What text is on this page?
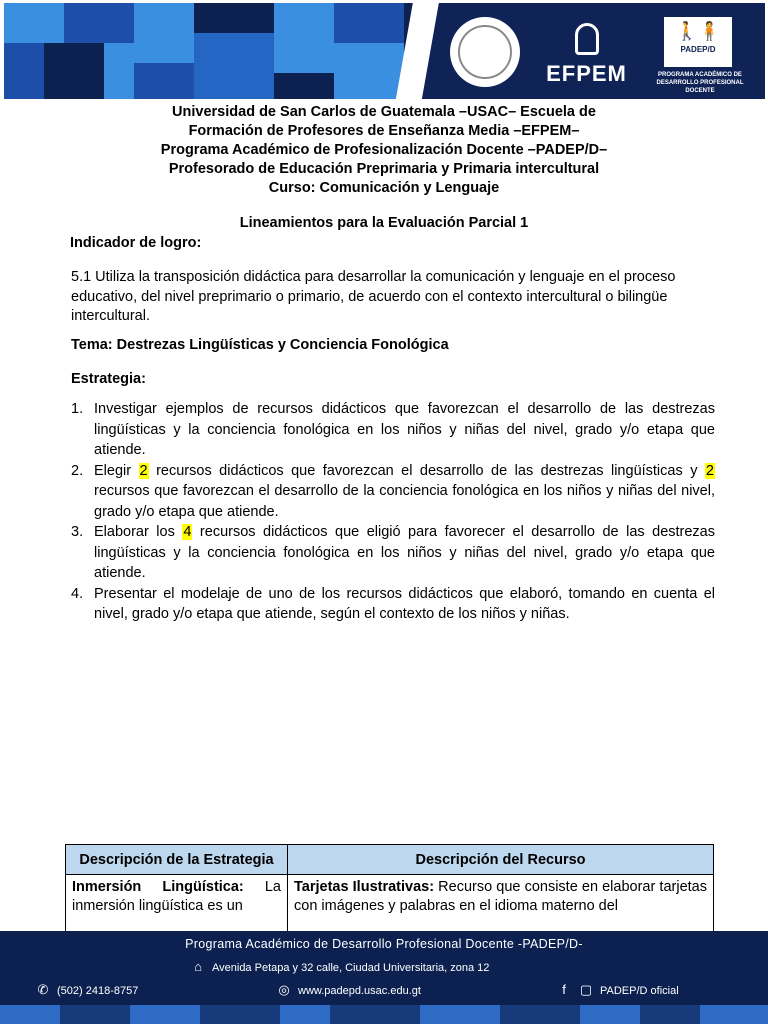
EFPEM
🚶🧍
PADEP/D
PROGRAMA ACADÉMICO DE DESARROLLO PROFESIONAL DOCENTE
Universidad de San Carlos de Guatemala –USAC– Escuela de
Formación de Profesores de Enseñanza Media –EFPEM–
Programa Académico de Profesionalización Docente –PADEP/D–
Profesorado de Educación Preprimaria y Primaria intercultural
Curso: Comunicación y Lenguaje
Lineamientos para la Evaluación Parcial 1
Indicador de logro:
5.1 Utiliza la transposición didáctica para desarrollar la comunicación y lenguaje en el proceso educativo, del nivel preprimario o primario, de acuerdo con el contexto intercultural o bilingüe intercultural.
Tema: Destrezas Lingüísticas y Conciencia Fonológica
Estrategia:
1. Investigar ejemplos de recursos didácticos que favorezcan el desarrollo de las destrezas lingüísticas y la conciencia fonológica en los niños y niñas del nivel, grado y/o etapa que atiende.
2. Elegir 2 recursos didácticos que favorezcan el desarrollo de las destrezas lingüísticas y 2 recursos que favorezcan el desarrollo de la conciencia fonológica en los niños y niñas del nivel, grado y/o etapa que atiende.
3. Elaborar los 4 recursos didácticos que eligió para favorecer el desarrollo de las destrezas lingüísticas y la conciencia fonológica en los niños y niñas del nivel, grado y/o etapa que atiende.
4. Presentar el modelaje de uno de los recursos didácticos que elaboró, tomando en cuenta el nivel, grado y/o etapa que atiende, según el contexto de los niños y niñas.
Descripción de la Estrategia	Descripción del Recurso
Inmersión Lingüística: La inmersión lingüística es un	Tarjetas Ilustrativas: Recurso que consiste en elaborar tarjetas con imágenes y palabras en el idioma materno del
Programa Académico de Desarrollo Profesional Docente -PADEP/D-
⌂ Avenida Petapa y 32 calle, Ciudad Universitaria, zona 12
✆ (502) 2418-8757	◎ www.padepd.usac.edu.gt	f ▢ PADEP/D oficial
